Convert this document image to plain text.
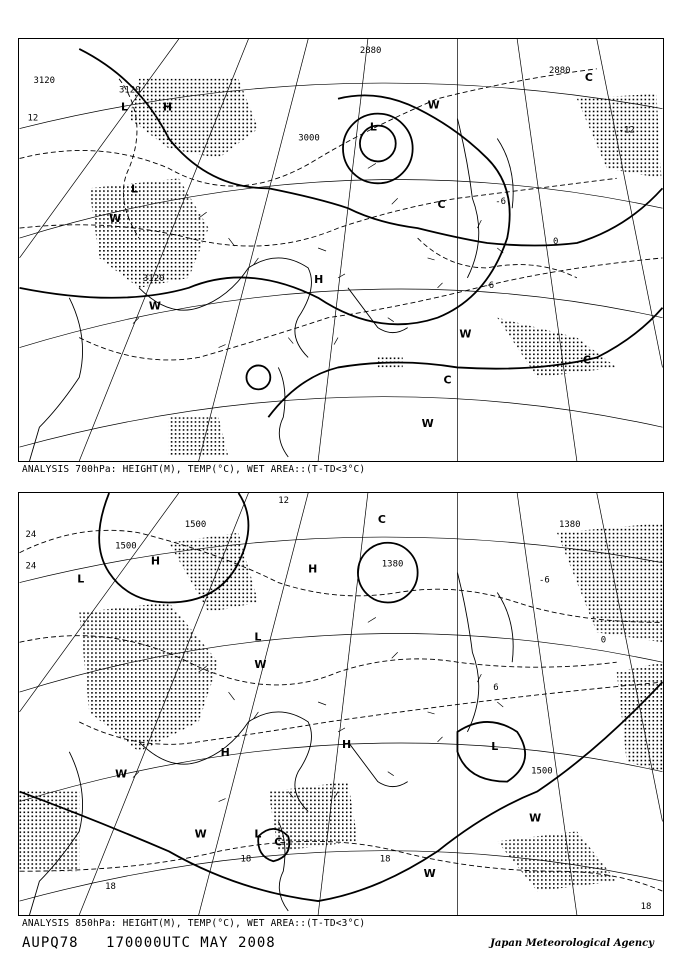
3120
3120
3120
3000
2880
2880
12
-12
-6
0
-6
L	H
L
L
H
C
C
W
W
W
W
C
C
W
ANALYSIS 700hPa: HEIGHT(M), TEMP(°C), WET AREA::(T-TD<3°C)
1500
1500
1380
1380
1500
24
24
18
18	18
18
12
0
6
-6
H
L
L
H
H	L
H
L
W
W
W
W
W
C
C
ANALYSIS 850hPa: HEIGHT(M), TEMP(°C), WET AREA::(T-TD<3°C)
AUPQ78 170000UTC MAY 2008	Japan Meteorological Agency
